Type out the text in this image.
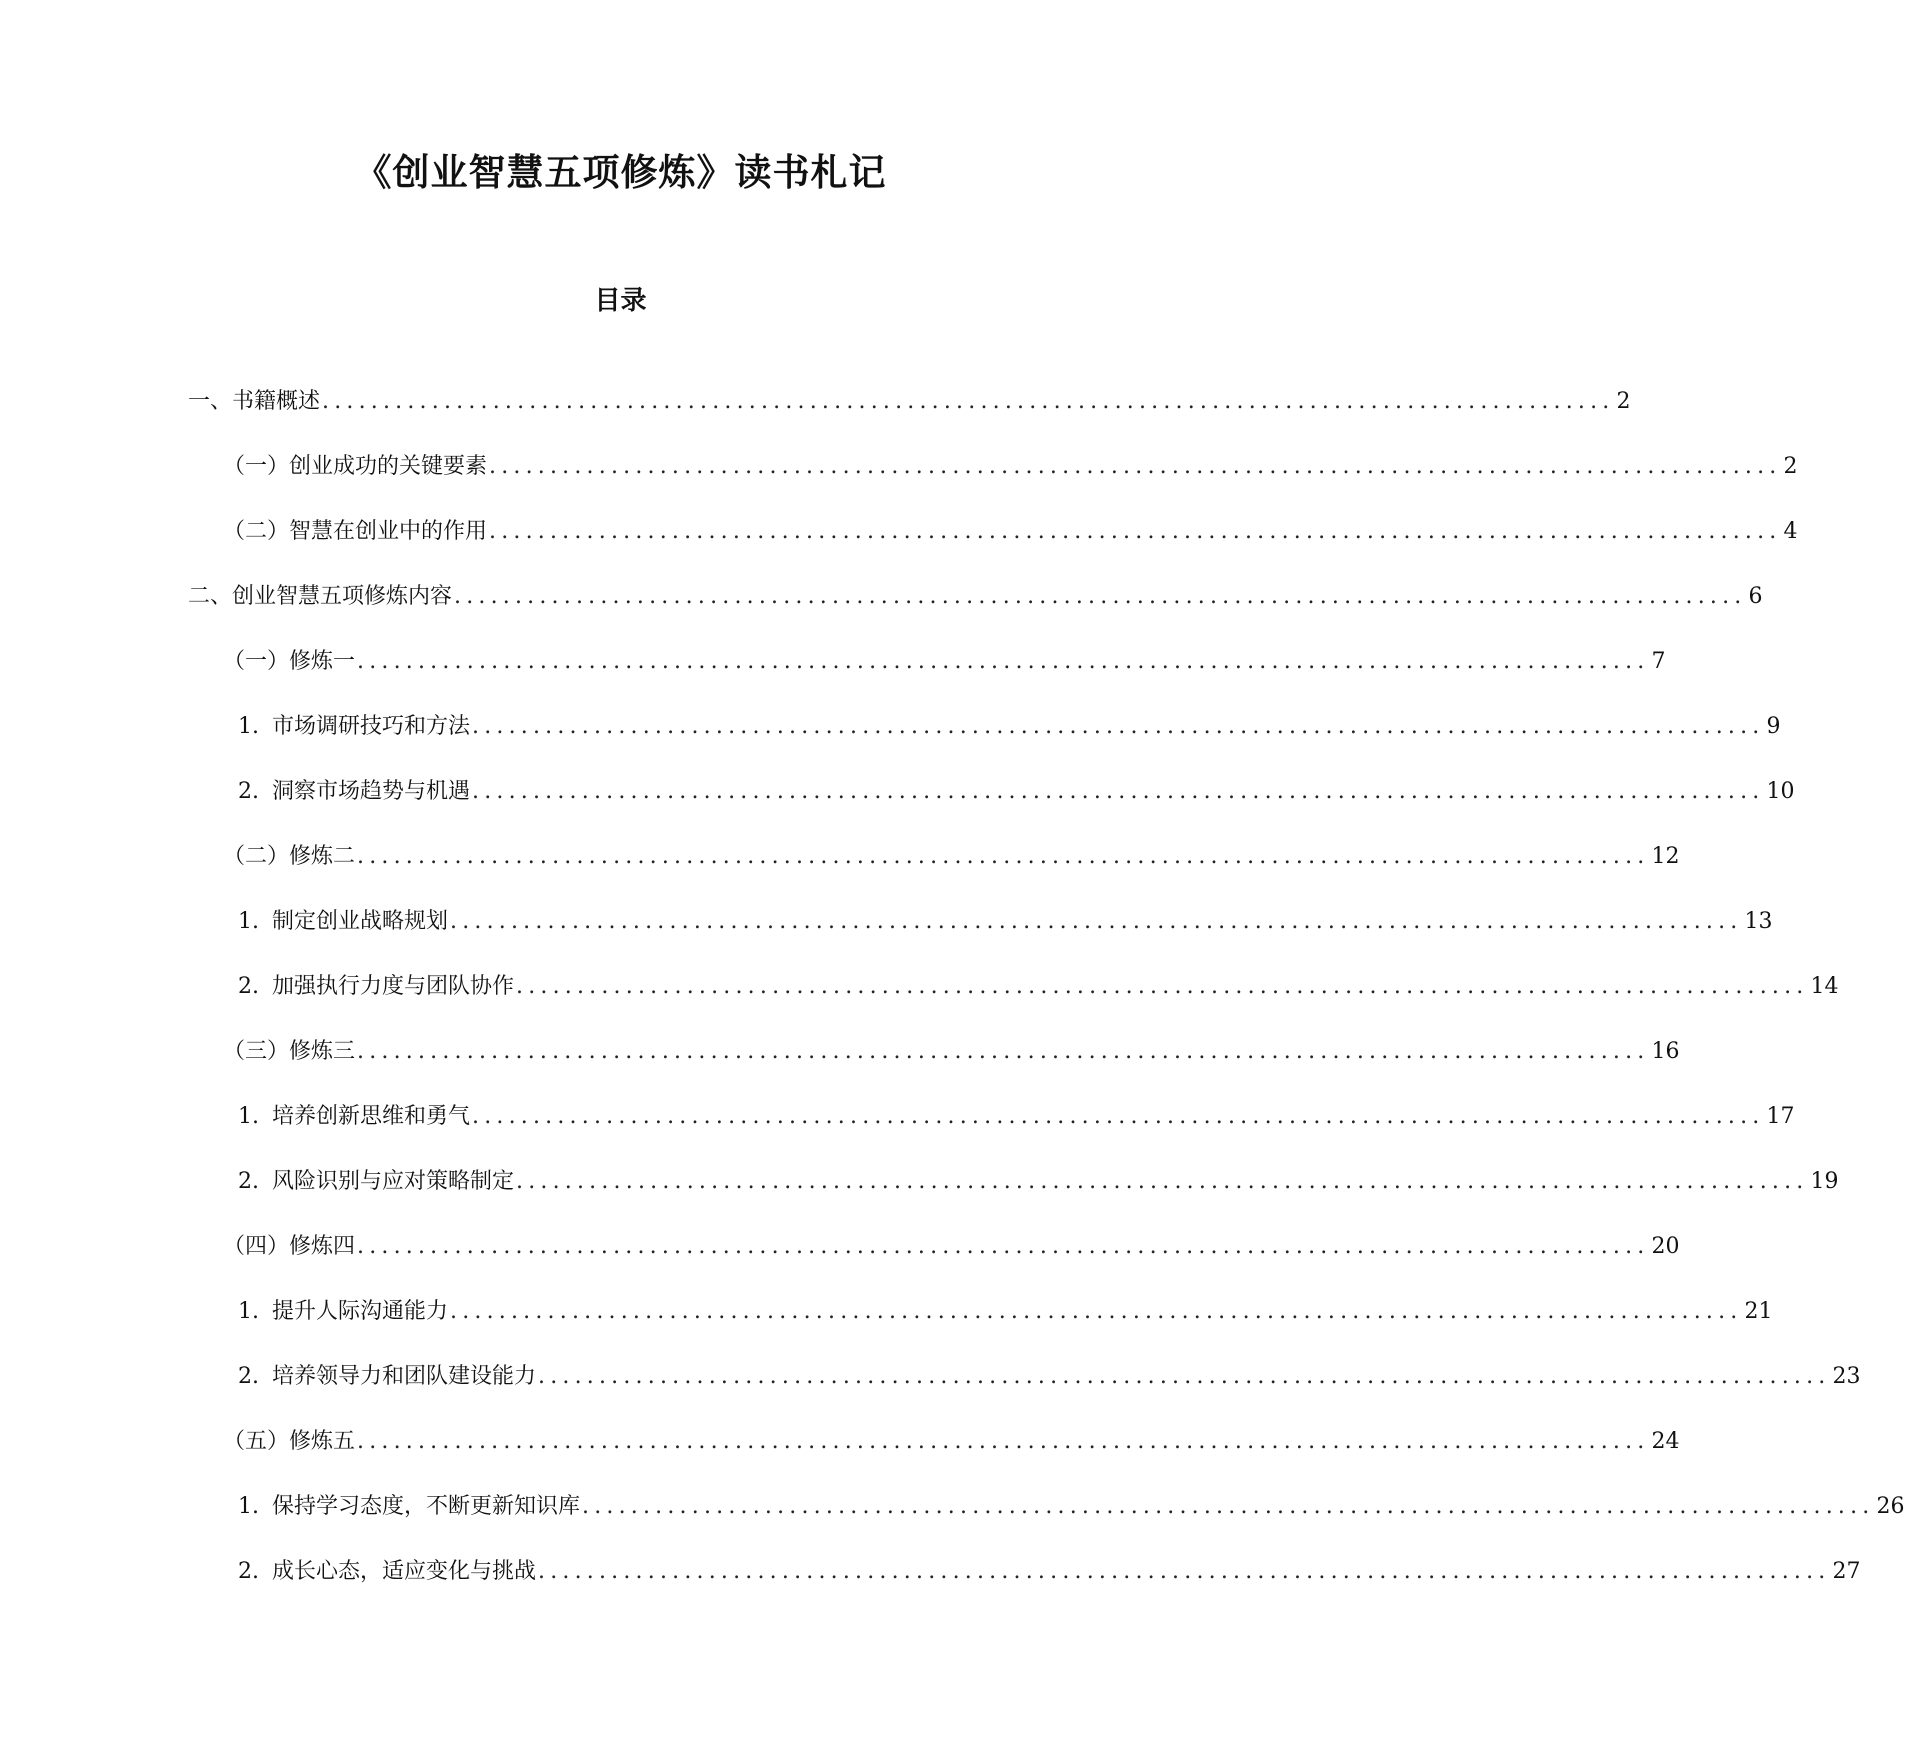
《创业智慧五项修炼》读书札记
目录
一、书籍概述 .......................................................................................................... 2
（一）创业成功的关键要素 .......................................................................................................... 2
（二）智慧在创业中的作用 .......................................................................................................... 4
二、创业智慧五项修炼内容 .......................................................................................................... 6
（一）修炼一 .......................................................................................................... 7
1. 市场调研技巧和方法 .......................................................................................................... 9
2. 洞察市场趋势与机遇 .......................................................................................................... 10
（二）修炼二 .......................................................................................................... 12
1. 制定创业战略规划 .......................................................................................................... 13
2. 加强执行力度与团队协作 .......................................................................................................... 14
（三）修炼三 .......................................................................................................... 16
1. 培养创新思维和勇气 .......................................................................................................... 17
2. 风险识别与应对策略制定 .......................................................................................................... 19
（四）修炼四 .......................................................................................................... 20
1. 提升人际沟通能力 .......................................................................................................... 21
2. 培养领导力和团队建设能力 .......................................................................................................... 23
（五）修炼五 .......................................................................................................... 24
1. 保持学习态度，不断更新知识库 .......................................................................................................... 26
2. 成长心态，适应变化与挑战 .......................................................................................................... 27
